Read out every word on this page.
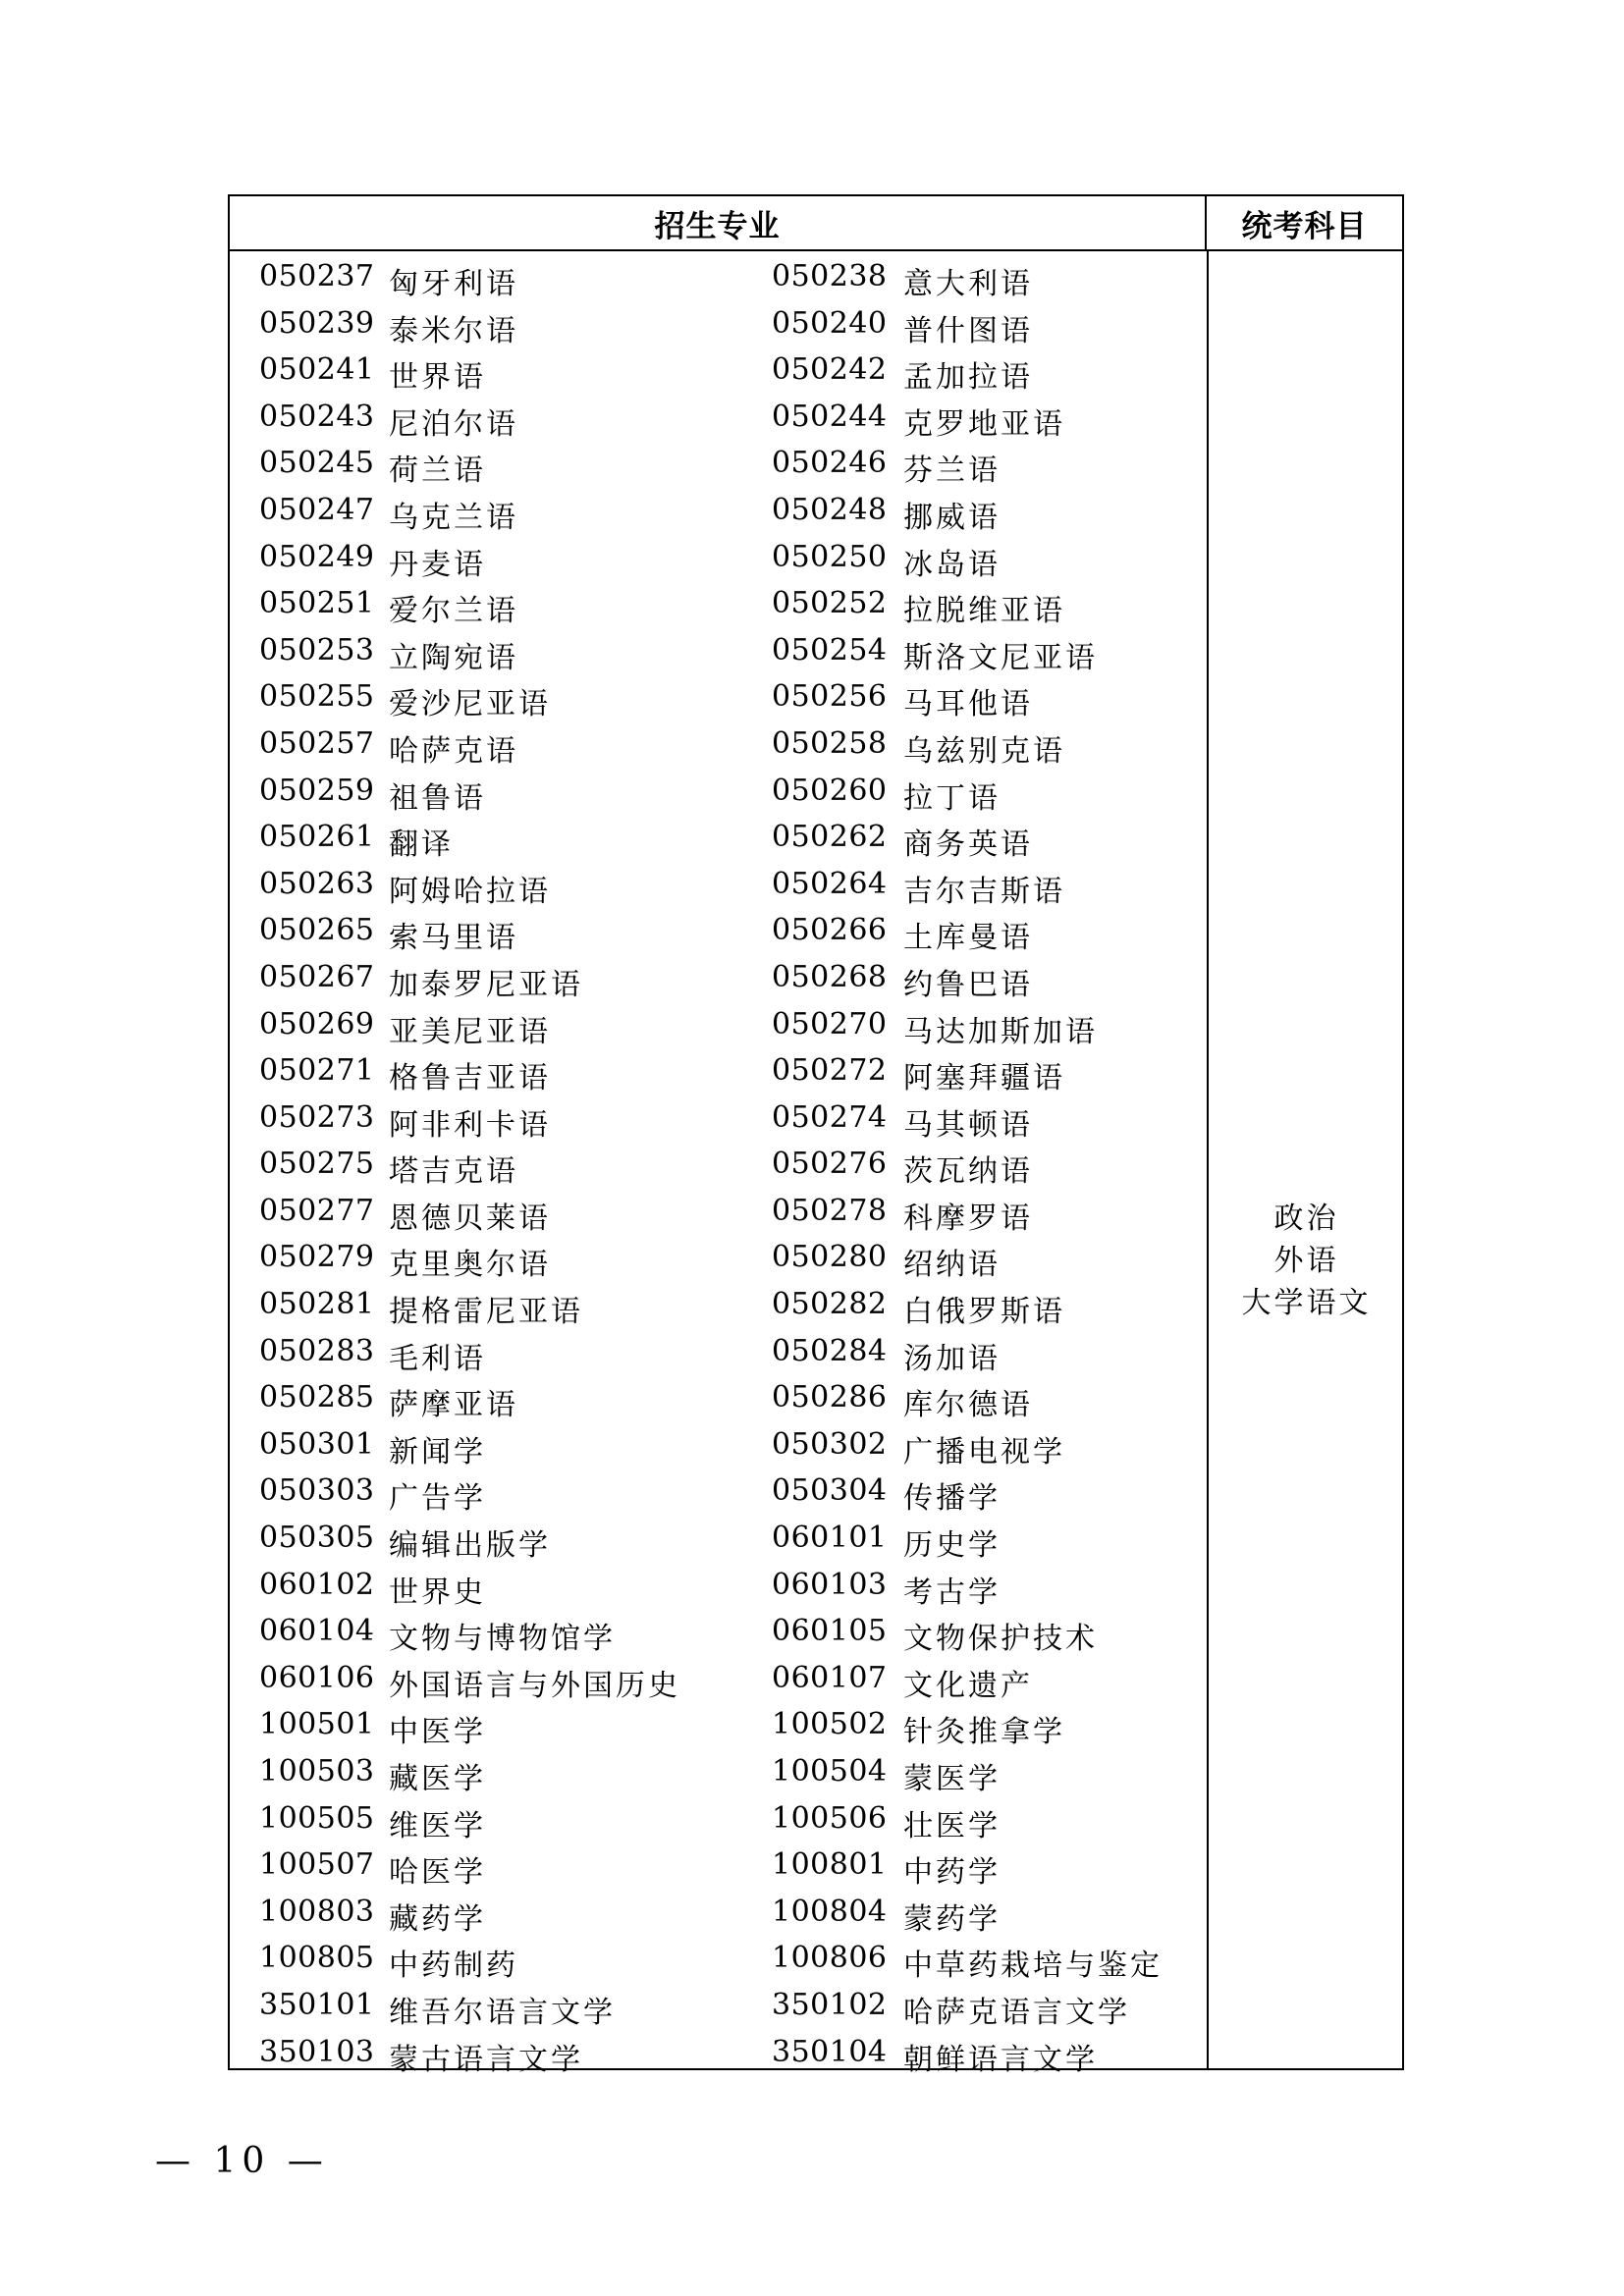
招生专业	统考科目
050237 匈牙利语	050238 意大利语
050239 泰米尔语	050240 普什图语
050241 世界语	050242 孟加拉语
050243 尼泊尔语	050244 克罗地亚语
050245 荷兰语	050246 芬兰语
050247 乌克兰语	050248 挪威语
050249 丹麦语	050250 冰岛语
050251 爱尔兰语	050252 拉脱维亚语
050253 立陶宛语	050254 斯洛文尼亚语
050255 爱沙尼亚语	050256 马耳他语
050257 哈萨克语	050258 乌兹别克语
050259 祖鲁语	050260 拉丁语
050261 翻译	050262 商务英语
050263 阿姆哈拉语	050264 吉尔吉斯语
050265 索马里语	050266 土库曼语
050267 加泰罗尼亚语	050268 约鲁巴语
050269 亚美尼亚语	050270 马达加斯加语
050271 格鲁吉亚语	050272 阿塞拜疆语
050273 阿非利卡语	050274 马其顿语
050275 塔吉克语	050276 茨瓦纳语
050277 恩德贝莱语	050278 科摩罗语
050279 克里奥尔语	050280 绍纳语
050281 提格雷尼亚语	050282 白俄罗斯语
050283 毛利语	050284 汤加语
050285 萨摩亚语	050286 库尔德语
050301 新闻学	050302 广播电视学
050303 广告学	050304 传播学
050305 编辑出版学	060101 历史学
060102 世界史	060103 考古学
060104 文物与博物馆学	060105 文物保护技术
060106 外国语言与外国历史	060107 文化遗产
100501 中医学	100502 针灸推拿学
100503 藏医学	100504 蒙医学
100505 维医学	100506 壮医学
100507 哈医学	100801 中药学
100803 藏药学	100804 蒙药学
100805 中药制药	100806 中草药栽培与鉴定
350101 维吾尔语言文学	350102 哈萨克语言文学
350103 蒙古语言文学	350104 朝鲜语言文学
政治
外语
大学语文
— 10 —
